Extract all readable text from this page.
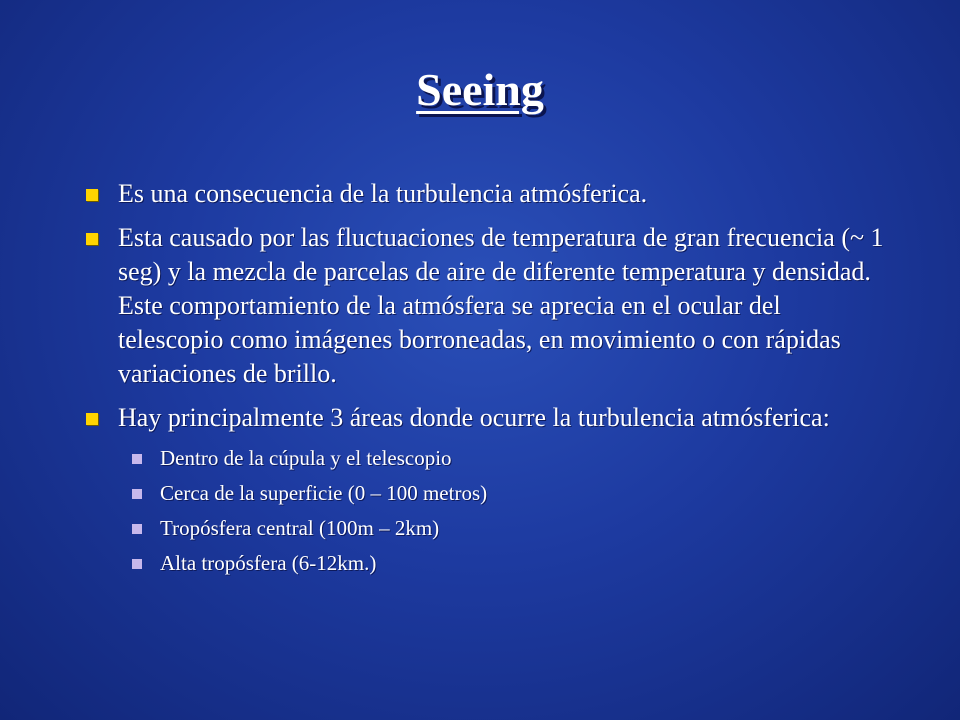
Seeing
Es una consecuencia de la turbulencia atmósferica.
Esta causado por las fluctuaciones de temperatura de gran frecuencia (~ 1 seg) y la mezcla de parcelas de aire de diferente temperatura y densidad. Este comportamiento de la atmósfera se aprecia en el ocular del telescopio como imágenes borroneadas, en movimiento o con rápidas variaciones de brillo.
Hay principalmente 3 áreas donde ocurre la turbulencia atmósferica:
Dentro de la cúpula y el telescopio
Cerca de la superficie (0 – 100 metros)
Tropósfera central (100m – 2km)
Alta tropósfera (6-12km.)
